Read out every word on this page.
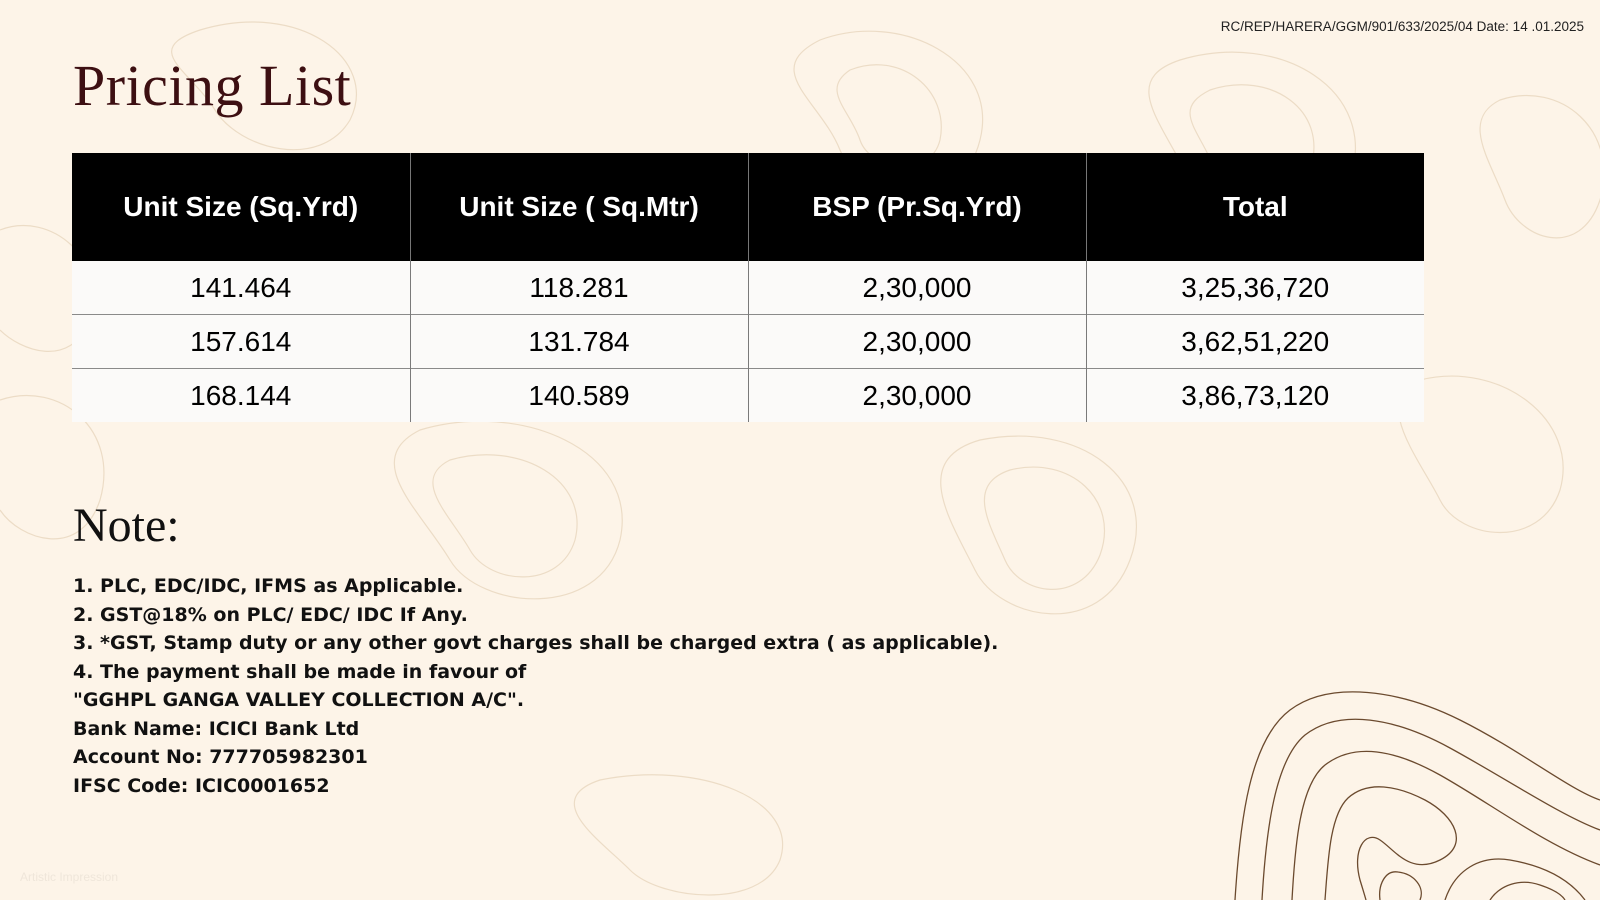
RC/REP/HARERA/GGM/901/633/2025/04 Date: 14 .01.2025
Pricing List
Unit Size (Sq.Yrd)	Unit Size ( Sq.Mtr)	BSP (Pr.Sq.Yrd)	Total
141.464	118.281	2,30,000	3,25,36,720
157.614	131.784	2,30,000	3,62,51,220
168.144	140.589	2,30,000	3,86,73,120
Note:
1. PLC, EDC/IDC, IFMS as Applicable.
2. GST@18% on PLC/ EDC/ IDC If Any.
3. *GST, Stamp duty or any other govt charges shall be charged extra ( as applicable).
4. The payment shall be made in favour of
"GGHPL GANGA VALLEY COLLECTION A/C".
Bank Name: ICICI Bank Ltd
Account No: 777705982301
IFSC Code: ICIC0001652
Artistic Impression
